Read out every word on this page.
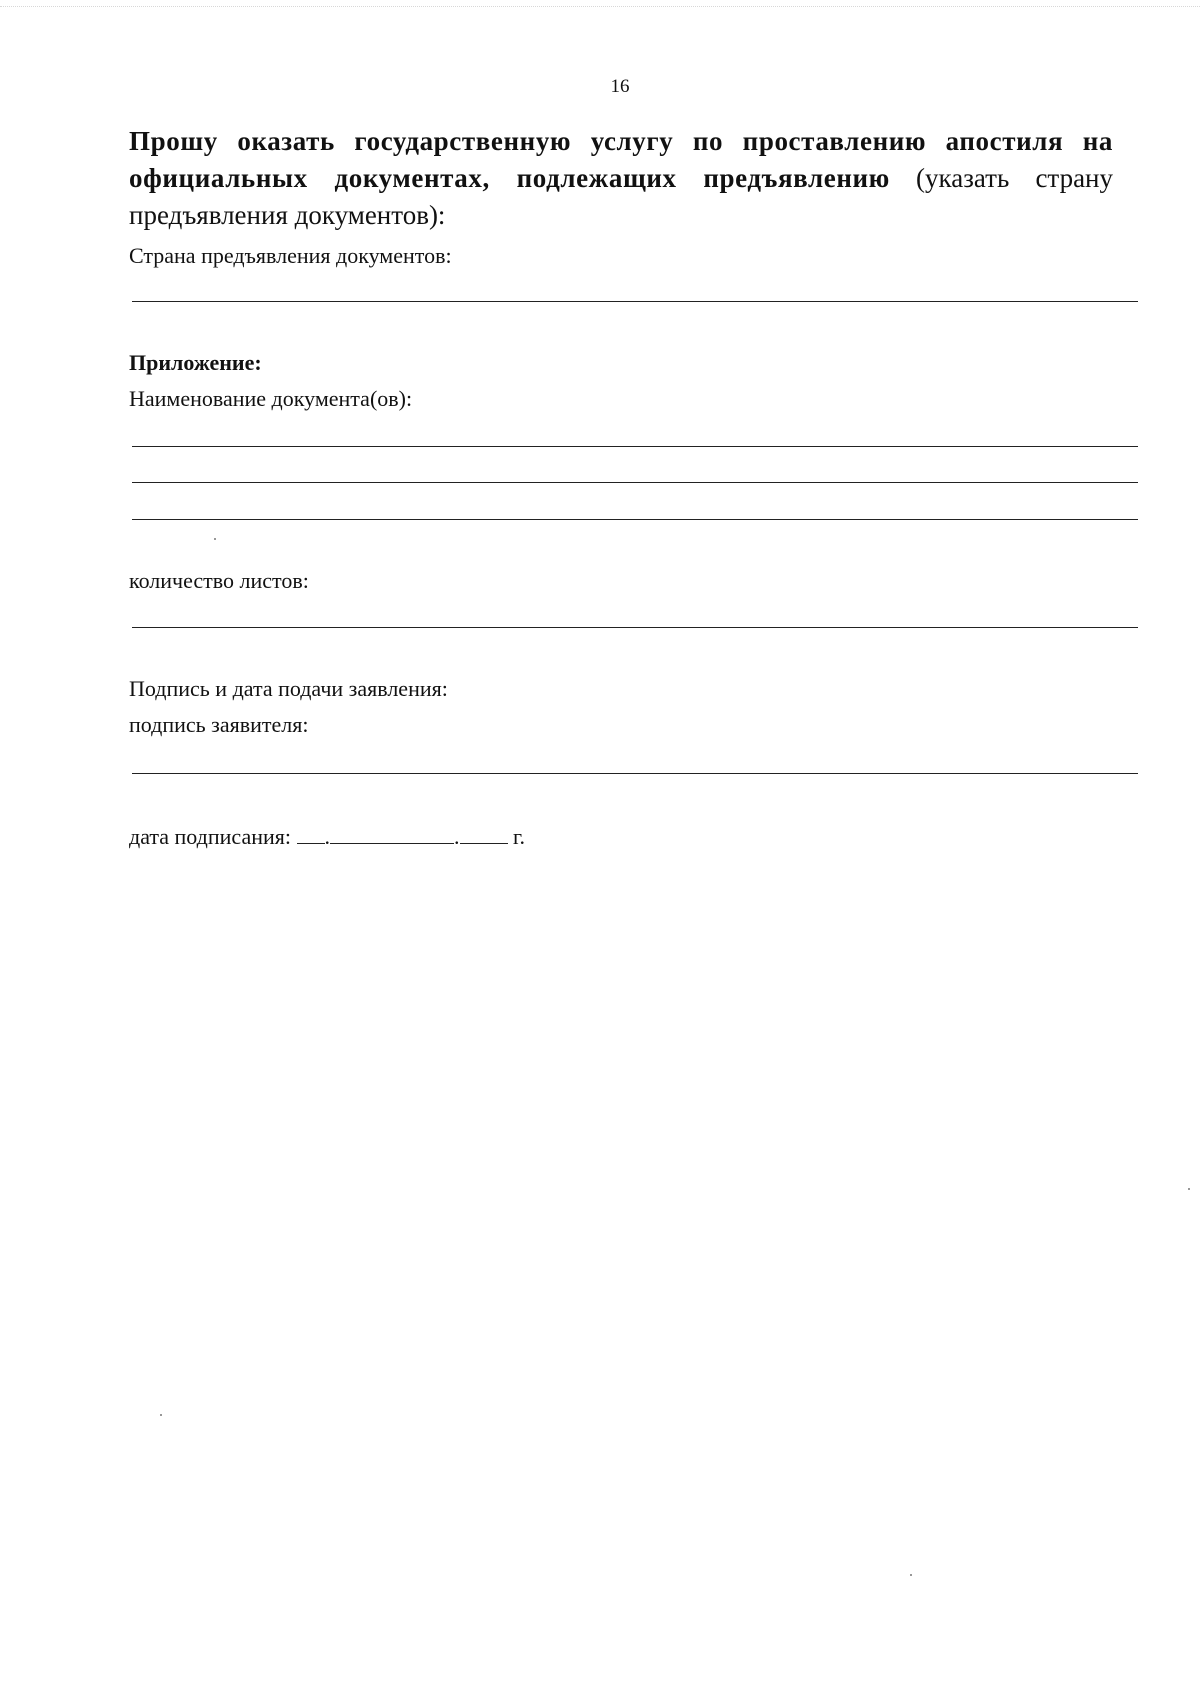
16

Прошу оказать государственную услугу по проставлению апостиля на официальных документах, подлежащих предъявлению (указать страну предъявления документов):

Страна предъявления документов:
Приложение:
Наименование документа(ов):
количество листов:
Подпись и дата подачи заявления:
подпись заявителя:
дата подписания: .	. г.
